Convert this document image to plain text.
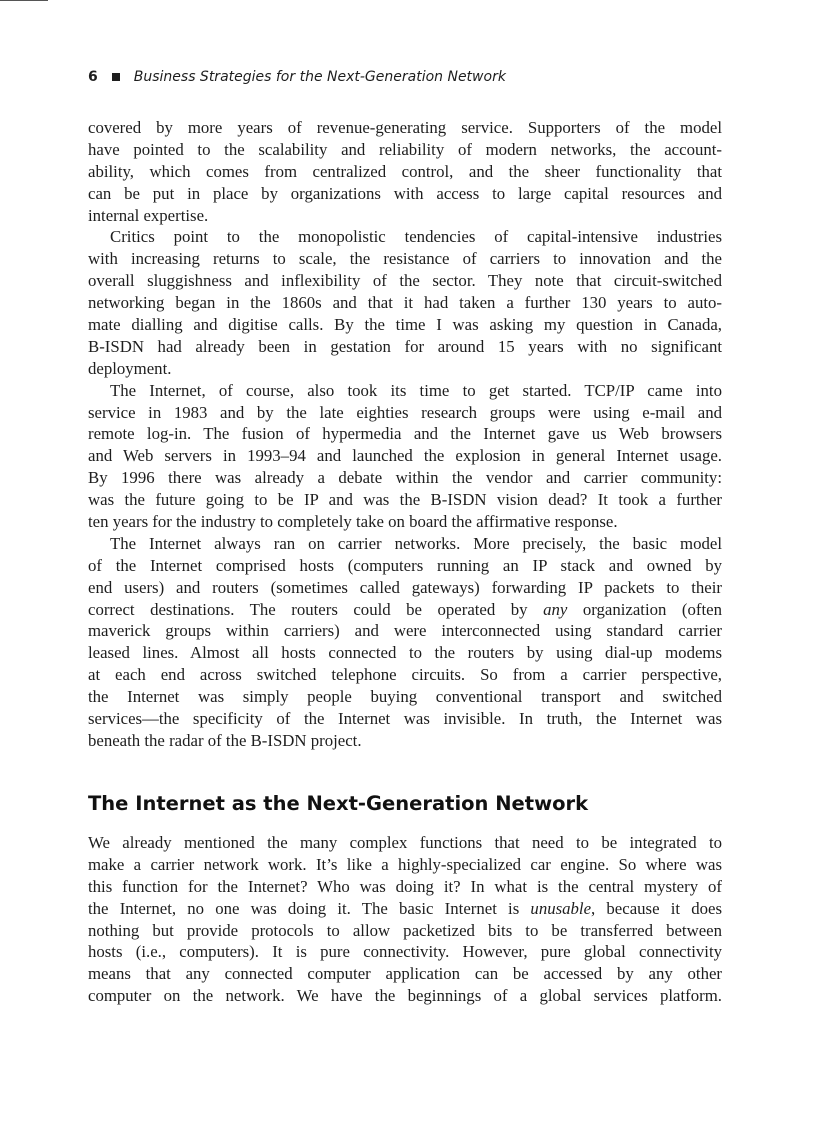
6	Business Strategies for the Next-Generation Network
covered by more years of revenue-generating service. Supporters of the model
have pointed to the scalability and reliability of modern networks, the account-
ability, which comes from centralized control, and the sheer functionality that
can be put in place by organizations with access to large capital resources and
internal expertise.
Critics point to the monopolistic tendencies of capital-intensive industries
with increasing returns to scale, the resistance of carriers to innovation and the
overall sluggishness and inflexibility of the sector. They note that circuit-switched
networking began in the 1860s and that it had taken a further 130 years to auto-
mate dialling and digitise calls. By the time I was asking my question in Canada,
B-ISDN had already been in gestation for around 15 years with no significant
deployment.
The Internet, of course, also took its time to get started. TCP/IP came into
service in 1983 and by the late eighties research groups were using e-mail and
remote log-in. The fusion of hypermedia and the Internet gave us Web browsers
and Web servers in 1993–94 and launched the explosion in general Internet usage.
By 1996 there was already a debate within the vendor and carrier community:
was the future going to be IP and was the B-ISDN vision dead? It took a further
ten years for the industry to completely take on board the affirmative response.
The Internet always ran on carrier networks. More precisely, the basic model
of the Internet comprised hosts (computers running an IP stack and owned by
end users) and routers (sometimes called gateways) forwarding IP packets to their
correct destinations. The routers could be operated by any organization (often
maverick groups within carriers) and were interconnected using standard carrier
leased lines. Almost all hosts connected to the routers by using dial-up modems
at each end across switched telephone circuits. So from a carrier perspective,
the Internet was simply people buying conventional transport and switched
services—the specificity of the Internet was invisible. In truth, the Internet was
beneath the radar of the B-ISDN project.
The Internet as the Next-Generation Network
We already mentioned the many complex functions that need to be integrated to
make a carrier network work. It’s like a highly-specialized car engine. So where was
this function for the Internet? Who was doing it? In what is the central mystery of
the Internet, no one was doing it. The basic Internet is unusable, because it does
nothing but provide protocols to allow packetized bits to be transferred between
hosts (i.e., computers). It is pure connectivity. However, pure global connectivity
means that any connected computer application can be accessed by any other
computer on the network. We have the beginnings of a global services platform.
